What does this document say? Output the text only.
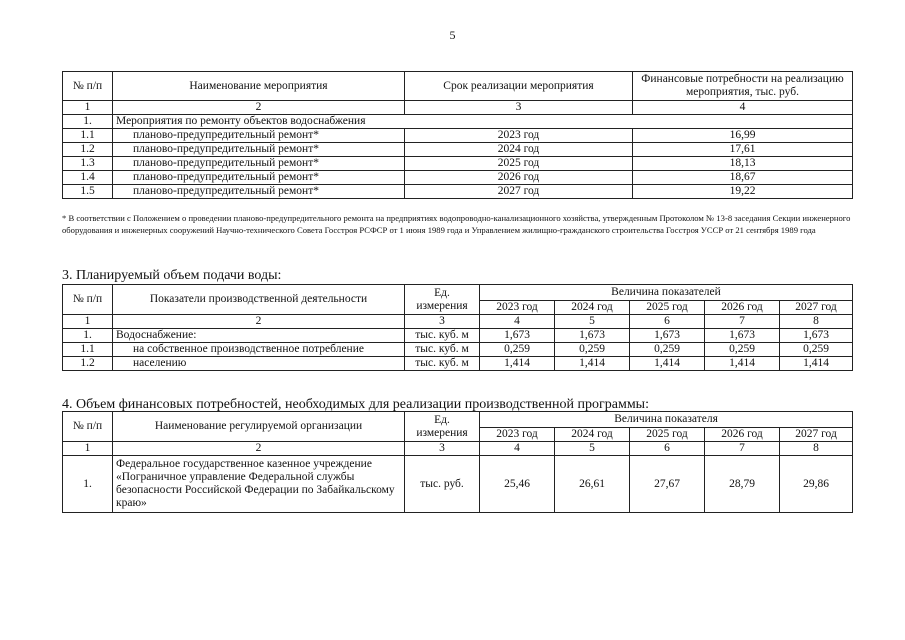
5
№ п/п	Наименование мероприятия	Срок реализации мероприятия	Финансовые потребности на реализацию мероприятия, тыс. руб.
1	2	3	4
1.	Мероприятия по ремонту объектов водоснабжения		
1.1	планово-предупредительный ремонт*	2023 год	16,99
1.2	планово-предупредительный ремонт*	2024 год	17,61
1.3	планово-предупредительный ремонт*	2025 год	18,13
1.4	планово-предупредительный ремонт*	2026 год	18,67
1.5	планово-предупредительный ремонт*	2027 год	19,22
* В соответствии с Положением о проведении планово-предупредительного ремонта на предприятиях водопроводно-канализационного хозяйства, утвержденным Протоколом № 13-8 заседания Секции инженерного оборудования и инженерных сооружений Научно-технического Совета Госстроя РСФСР от 1 июня 1989 года и Управлением жилищно-гражданского строительства Госстроя УССР от 21 сентября 1989 года
3. Планируемый объем подачи воды:
№ п/п	Показатели производственной деятельности	Ед. измерения	Величина показателей				
			2023 год	2024 год	2025 год	2026 год	2027 год
1	2	3	4	5	6	7	8
1.	Водоснабжение:	тыс. куб. м	1,673	1,673	1,673	1,673	1,673
1.1	на собственное производственное потребление	тыс. куб. м	0,259	0,259	0,259	0,259	0,259
1.2	населению	тыс. куб. м	1,414	1,414	1,414	1,414	1,414
4. Объем финансовых потребностей, необходимых для реализации производственной программы:
№ п/п	Наименование регулируемой организации	Ед. измерения	Величина показателя				
			2023 год	2024 год	2025 год	2026 год	2027 год
1	2	3	4	5	6	7	8
1.	Федеральное государственное казенное учреждение «Пограничное управление Федеральной службы безопасности Российской Федерации по Забайкальскому краю»	тыс. руб.	25,46	26,61	27,67	28,79	29,86
